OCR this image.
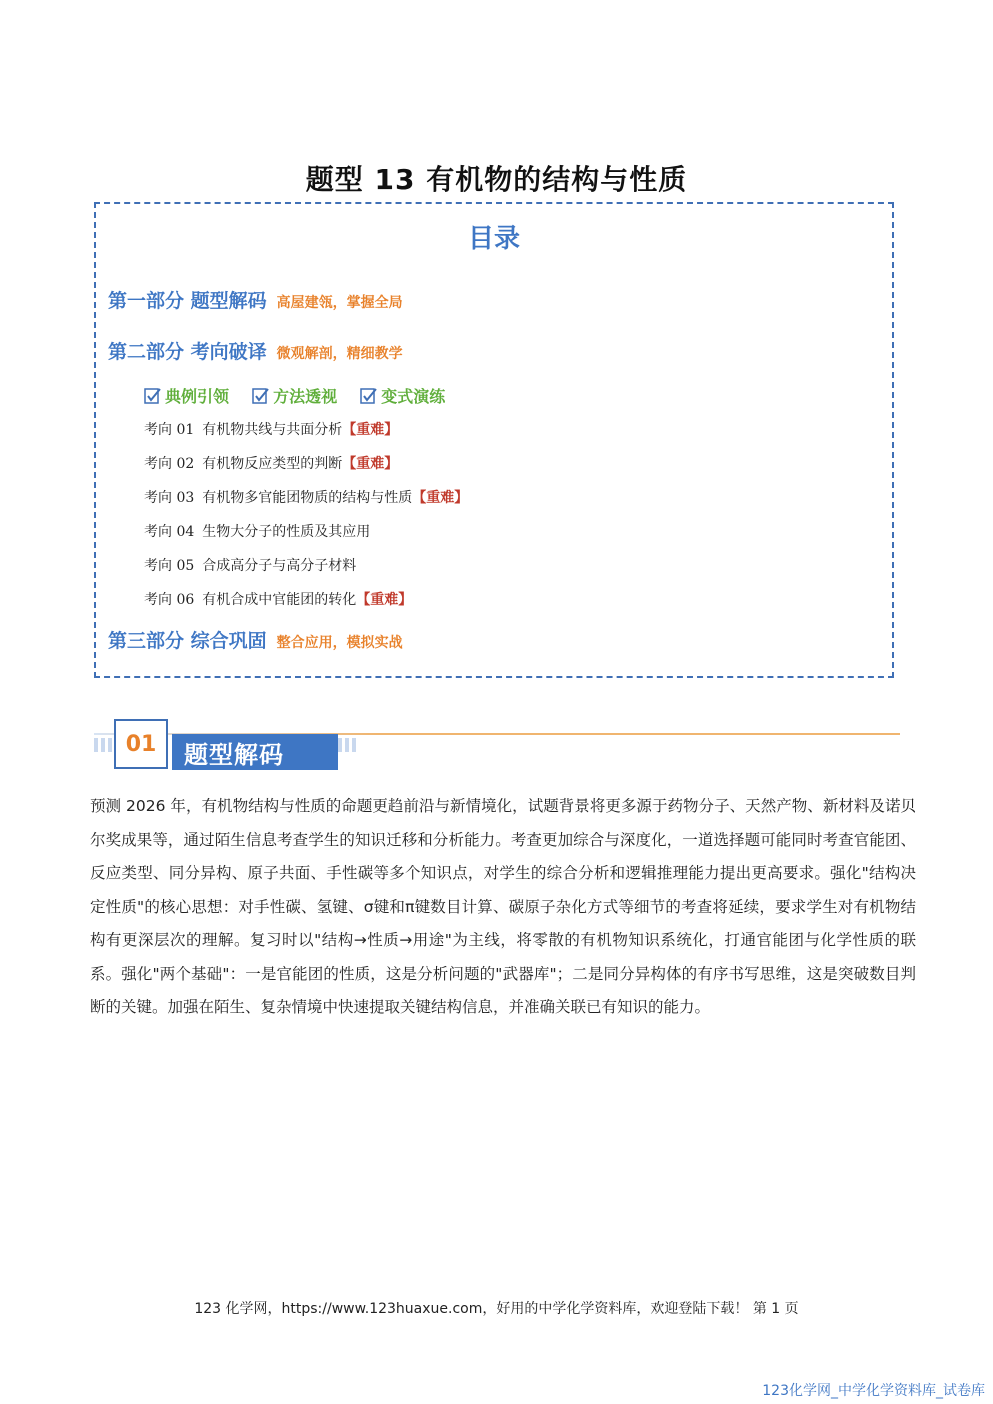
题型 13 有机物的结构与性质
目录
第一部分 题型解码 高屋建瓴，掌握全局
第二部分 考向破译 微观解剖，精细教学
典例引领
	方法透视
	变式演练
考向 01 有机物共线与共面分析【重难】
考向 02 有机物反应类型的判断【重难】
考向 03 有机物多官能团物质的结构与性质【重难】
考向 04 生物大分子的性质及其应用
考向 05 合成高分子与高分子材料
考向 06 有机合成中官能团的转化【重难】
第三部分 综合巩固 整合应用，模拟实战
01	题型解码

预测 2026 年，有机物结构与性质的命题更趋前沿与新情境化，试题背景将更多源于药物分子、天然产物、新材料及诺贝尔奖成果等，通过陌生信息考查学生的知识迁移和分析能力。考查更加综合与深度化，一道选择题可能同时考查官能团、反应类型、同分异构、原子共面、手性碳等多个知识点，对学生的综合分析和逻辑推理能力提出更高要求。强化"结构决定性质"的核心思想：对手性碳、氢键、σ键和π键数目计算、碳原子杂化方式等细节的考查将延续，要求学生对有机物结构有更深层次的理解。复习时以"结构→性质→用途"为主线，将零散的有机物知识系统化，打通官能团与化学性质的联系。强化"两个基础"：一是官能团的性质，这是分析问题的"武器库"；二是同分异构体的有序书写思维，这是突破数目判断的关键。加强在陌生、复杂情境中快速提取关键结构信息，并准确关联已有知识的能力。

123 化学网，https://www.123huaxue.com，好用的中学化学资料库，欢迎登陆下载！ 第 1 页
123化学网_中学化学资料库_试卷库
